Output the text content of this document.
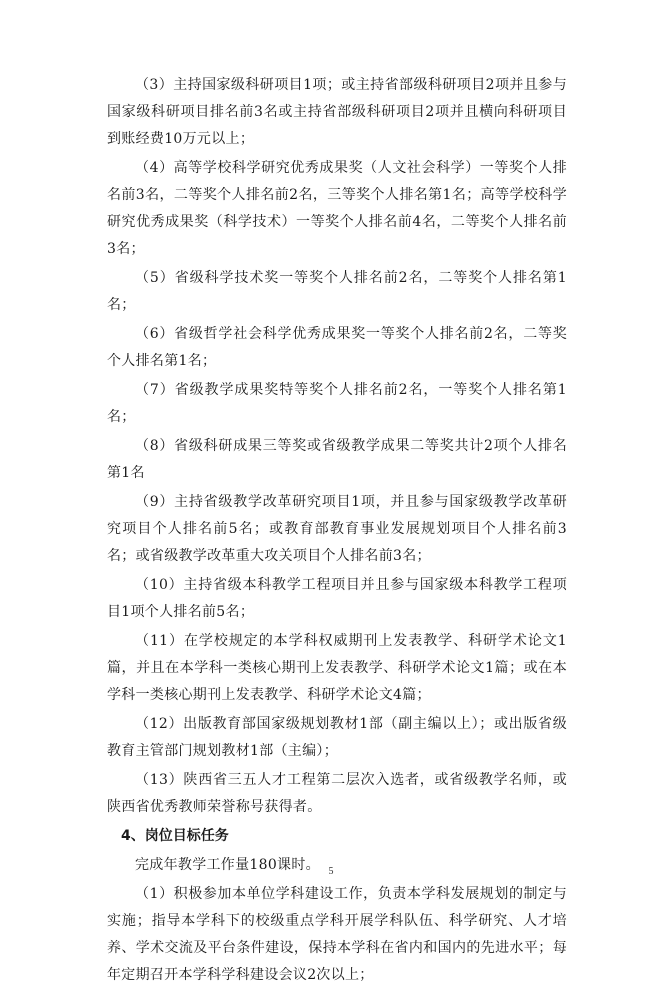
（3）主持国家级科研项目1项；或主持省部级科研项目2项并且参与国家级科研项目排名前3名或主持省部级科研项目2项并且横向科研项目到账经费10万元以上；

（4）高等学校科学研究优秀成果奖（人文社会科学）一等奖个人排名前3名，二等奖个人排名前2名，三等奖个人排名第1名；高等学校科学研究优秀成果奖（科学技术）一等奖个人排名前4名，二等奖个人排名前3名；

（5）省级科学技术奖一等奖个人排名前2名，二等奖个人排名第1名；

（6）省级哲学社会科学优秀成果奖一等奖个人排名前2名，二等奖个人排名第1名；

（7）省级教学成果奖特等奖个人排名前2名，一等奖个人排名第1名；

（8）省级科研成果三等奖或省级教学成果二等奖共计2项个人排名第1名

（9）主持省级教学改革研究项目1项，并且参与国家级教学改革研究项目个人排名前5名；或教育部教育事业发展规划项目个人排名前3名；或省级教学改革重大攻关项目个人排名前3名；

（10）主持省级本科教学工程项目并且参与国家级本科教学工程项目1项个人排名前5名；

（11）在学校规定的本学科权威期刊上发表教学、科研学术论文1篇，并且在本学科一类核心期刊上发表教学、科研学术论文1篇；或在本学科一类核心期刊上发表教学、科研学术论文4篇；

（12）出版教育部国家级规划教材1部（副主编以上）；或出版省级教育主管部门规划教材1部（主编）；

（13）陕西省三五人才工程第二层次入选者，或省级教学名师，或陕西省优秀教师荣誉称号获得者。

4、岗位目标任务

完成年教学工作量180课时。

（1）积极参加本单位学科建设工作，负责本学科发展规划的制定与实施；指导本学科下的校级重点学科开展学科队伍、科学研究、人才培养、学术交流及平台条件建设，保持本学科在省内和国内的先进水平；每年定期召开本学科学科建设会议2次以上；

5
